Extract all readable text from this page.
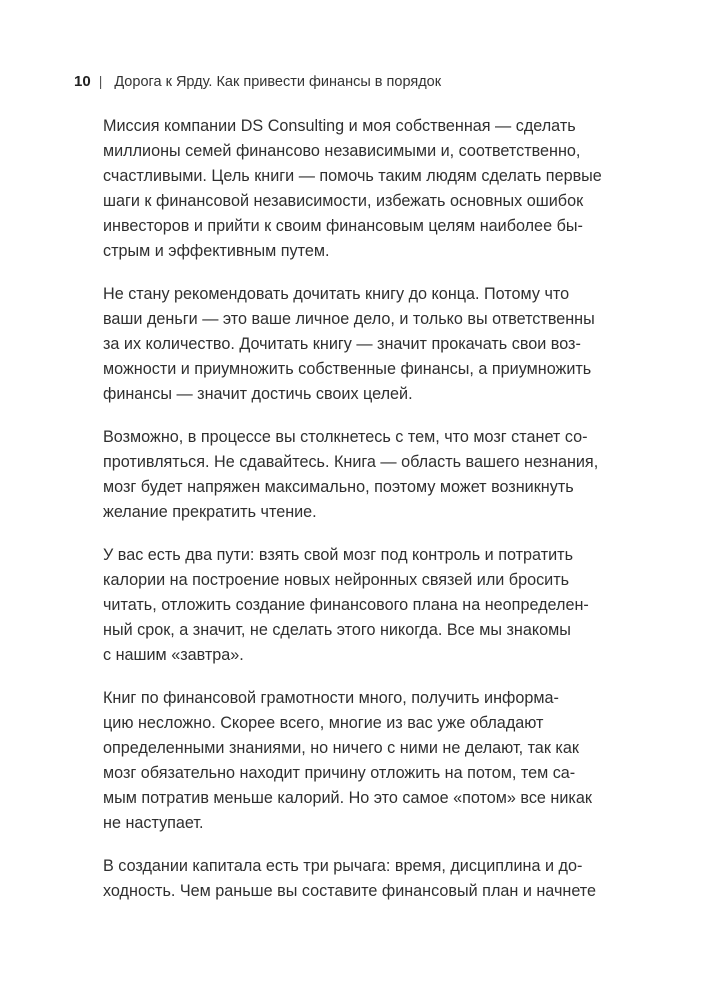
10 | Дорога к Ярду. Как привести финансы в порядок

Миссия компании DS Consulting и моя собственная — сделать
миллионы семей финансово независимыми и, соответственно,
счастливыми. Цель книги — помочь таким людям сделать первые
шаги к финансовой независимости, избежать основных ошибок
инвесторов и прийти к своим финансовым целям наиболее бы-
стрым и эффективным путем.

Не стану рекомендовать дочитать книгу до конца. Потому что
ваши деньги — это ваше личное дело, и только вы ответственны
за их количество. Дочитать книгу — значит прокачать свои воз-
можности и приумножить собственные финансы, а приумножить
финансы — значит достичь своих целей.

Возможно, в процессе вы столкнетесь с тем, что мозг станет со-
противляться. Не сдавайтесь. Книга — область вашего незнания,
мозг будет напряжен максимально, поэтому может возникнуть
желание прекратить чтение.

У вас есть два пути: взять свой мозг под контроль и потратить
калории на построение новых нейронных связей или бросить
читать, отложить создание финансового плана на неопределен-
ный срок, а значит, не сделать этого никогда. Все мы знакомы
с нашим «завтра».

Книг по финансовой грамотности много, получить информа-
цию несложно. Скорее всего, многие из вас уже обладают
определенными знаниями, но ничего с ними не делают, так как
мозг обязательно находит причину отложить на потом, тем са-
мым потратив меньше калорий. Но это самое «потом» все никак
не наступает.

В создании капитала есть три рычага: время, дисциплина и до-
ходность. Чем раньше вы составите финансовый план и начнете
